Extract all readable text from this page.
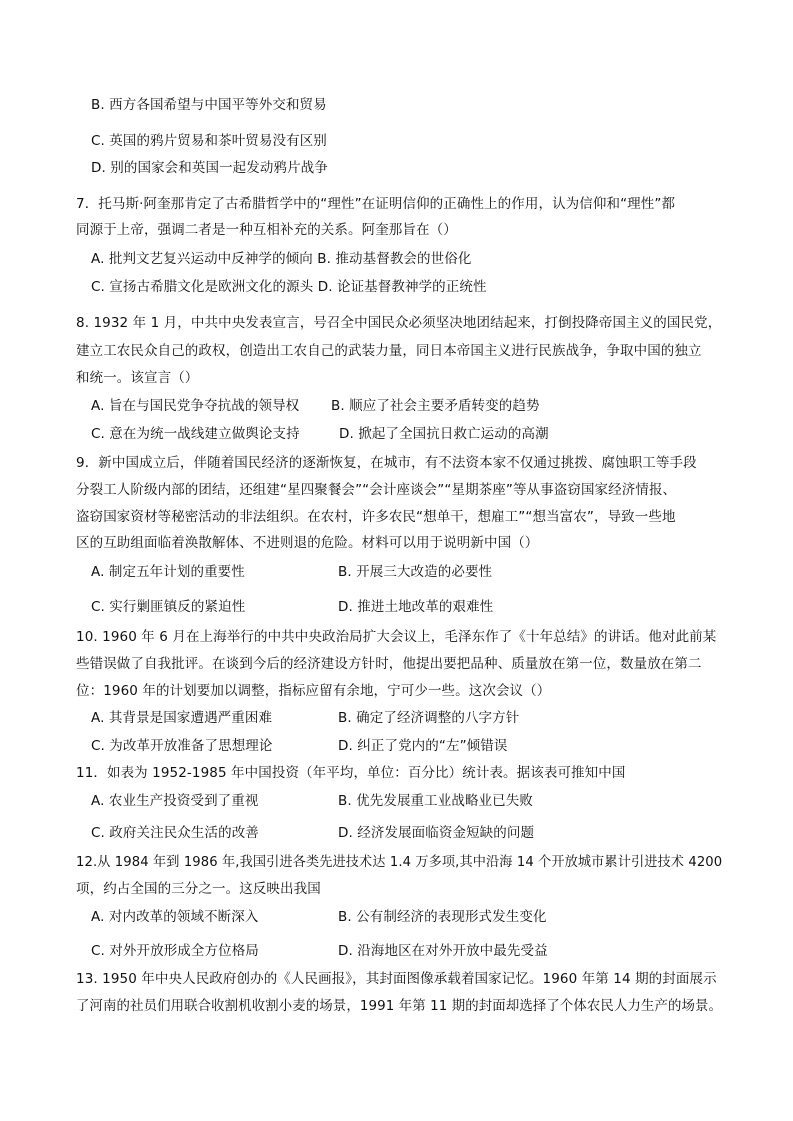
B. 西方各国希望与中国平等外交和贸易
C. 英国的鸦片贸易和茶叶贸易没有区别
D. 别的国家会和英国一起发动鸦片战争
7．托马斯·阿奎那肯定了古希腊哲学中的“理性”在证明信仰的正确性上的作用，认为信仰和“理性”都
同源于上帝，强调二者是一种互相补充的关系。阿奎那旨在（）
A. 批判文艺复兴运动中反神学的倾向 B. 推动基督教会的世俗化
C. 宣扬古希腊文化是欧洲文化的源头 D. 论证基督教神学的正统性
8. 1932 年 1 月，中共中央发表宣言，号召全中国民众必须坚决地团结起来，打倒投降帝国主义的国民党，
建立工农民众自己的政权，创造出工农自己的武装力量，同日本帝国主义进行民族战争，争取中国的独立
和统一。该宣言（）
A. 旨在与国民党争夺抗战的领导权 B. 顺应了社会主要矛盾转变的趋势
C. 意在为统一战线建立做舆论支持	D. 掀起了全国抗日救亡运动的高潮
9．新中国成立后，伴随着国民经济的逐渐恢复，在城市，有不法资本家不仅通过挑拨、腐蚀职工等手段
分裂工人阶级内部的团结，还组建“星四聚餐会”“会计座谈会”“星期茶座”等从事盗窃国家经济情报、
盗窃国家资材等秘密活动的非法组织。在农村，许多农民“想单干，想雇工”“想当富农”，导致一些地
区的互助组面临着涣散解体、不进则退的危险。材料可以用于说明新中国（）
A. 制定五年计划的重要性	B. 开展三大改造的必要性
C. 实行剿匪镇反的紧迫性	D. 推进土地改革的艰难性
10. 1960 年 6 月在上海举行的中共中央政治局扩大会议上，毛泽东作了《十年总结》的讲话。他对此前某
些错误做了自我批评。在谈到今后的经济建设方针时，他提出要把品种、质量放在第一位，数量放在第二
位：1960 年的计划要加以调整，指标应留有余地，宁可少一些。这次会议（）
A. 其背景是国家遭遇严重困难	B. 确定了经济调整的八字方针
C. 为改革开放准备了思想理论	D. 纠正了党内的“左”倾错误
11．如表为 1952-1985 年中国投资（年平均，单位：百分比）统计表。据该表可推知中国
A. 农业生产投资受到了重视	B. 优先发展重工业战略业已失败
C. 政府关注民众生活的改善	D. 经济发展面临资金短缺的问题
12.从 1984 年到 1986 年,我国引进各类先进技术达 1.4 万多项,其中沿海 14 个开放城市累计引进技术 4200
项，约占全国的三分之一。这反映出我国
A. 对内改革的领域不断深入	B. 公有制经济的表现形式发生变化
C. 对外开放形成全方位格局	D. 沿海地区在对外开放中最先受益
13. 1950 年中央人民政府创办的《人民画报》，其封面图像承载着国家记忆。1960 年第 14 期的封面展示
了河南的社员们用联合收割机收割小麦的场景，1991 年第 11 期的封面却选择了个体农民人力生产的场景。
